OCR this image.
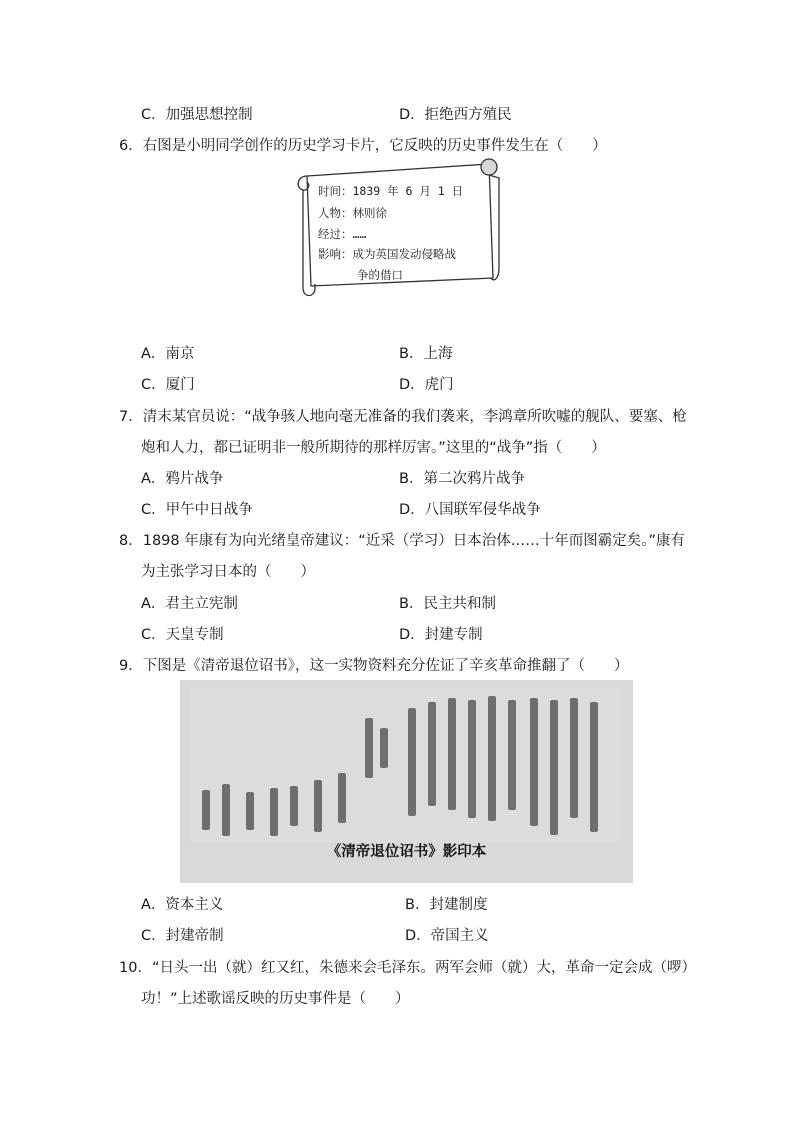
C．加强思想控制	D．拒绝西方殖民
6．右图是小明同学创作的历史学习卡片，它反映的历史事件发生在（　　）
时间：1839 年 6 月 1 日
人物：林则徐
经过：……
影响：成为英国发动侵略战
争的借口
A．南京	B．上海
C．厦门	D．虎门
7．清末某官员说：“战争骇人地向毫无准备的我们袭来，李鸿章所吹嘘的舰队、要塞、枪
炮和人力，都已证明非一般所期待的那样厉害。”这里的“战争”指（　　）
A．鸦片战争	B．第二次鸦片战争
C．甲午中日战争	D．八国联军侵华战争
8．1898 年康有为向光绪皇帝建议：“近采（学习）日本治体……十年而图霸定矣。”康有
为主张学习日本的（　　）
A．君主立宪制	B．民主共和制
C．天皇专制	D．封建专制
9．下图是《清帝退位诏书》，这一实物资料充分佐证了辛亥革命推翻了（　　）
《清帝退位诏书》影印本
A．资本主义	B．封建制度
C．封建帝制	D．帝国主义
10．“日头一出（就）红又红，朱德来会毛泽东。两军会师（就）大，革命一定会成（啰）
功！”上述歌谣反映的历史事件是（　　）
